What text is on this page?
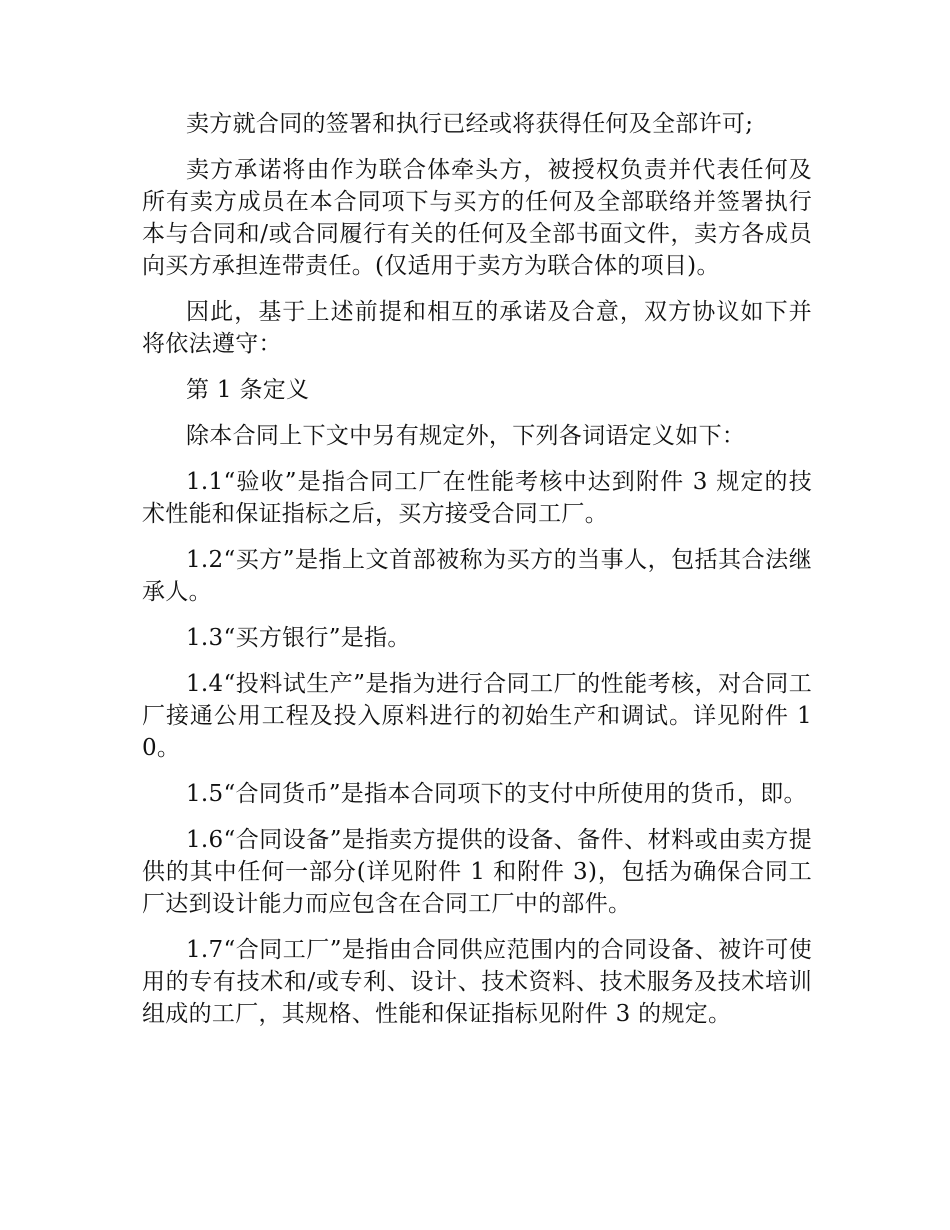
卖方就合同的签署和执行已经或将获得任何及全部许可;

卖方承诺将由作为联合体牵头方，被授权负责并代表任何及所有卖方成员在本合同项下与买方的任何及全部联络并签署执行本与合同和/或合同履行有关的任何及全部书面文件，卖方各成员向买方承担连带责任。(仅适用于卖方为联合体的项目)。

因此，基于上述前提和相互的承诺及合意，双方协议如下并将依法遵守：

第 1 条定义

除本合同上下文中另有规定外，下列各词语定义如下：

1.1“验收”是指合同工厂在性能考核中达到附件 3 规定的技术性能和保证指标之后，买方接受合同工厂。

1.2“买方”是指上文首部被称为买方的当事人，包括其合法继承人。

1.3“买方银行”是指。

1.4“投料试生产”是指为进行合同工厂的性能考核，对合同工厂接通公用工程及投入原料进行的初始生产和调试。详见附件 10。

1.5“合同货币”是指本合同项下的支付中所使用的货币，即。

1.6“合同设备”是指卖方提供的设备、备件、材料或由卖方提供的其中任何一部分(详见附件 1 和附件 3)，包括为确保合同工厂达到设计能力而应包含在合同工厂中的部件。

1.7“合同工厂”是指由合同供应范围内的合同设备、被许可使用的专有技术和/或专利、设计、技术资料、技术服务及技术培训组成的工厂，其规格、性能和保证指标见附件 3 的规定。
